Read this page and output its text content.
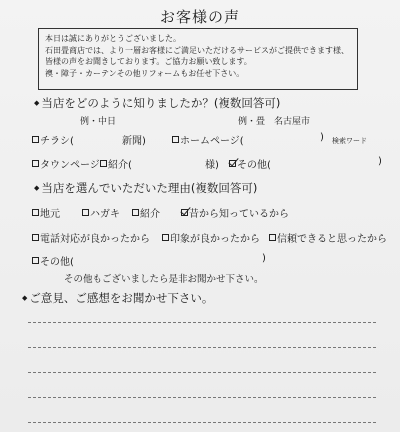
お客様の声
本日は誠にありがとうございました。
石田畳商店では、より一層お客様にご満足いただけるサービスがご提供できます様、
皆様の声をお聞きしております。ご協力お願い致します。
襖・障子・カーテンその他リフォームもお任せ下さい。
◆ 当店をどのように知りましたか？(複数回答可)
例・中日	例・畳　名古屋市
チラシ(	新聞)	ホームページ(	) 検索ワード
タウンページ 紹介(	様) その他(	)
◆ 当店を選んでいただいた理由(複数回答可)
地元	ハガキ 紹介	昔から知っているから
電話対応が良かったから 印象が良かったから 信頼できると思ったから
その他(	)
その他もございましたら是非お聞かせ下さい。
◆ ご意見、ご感想をお聞かせ下さい。
